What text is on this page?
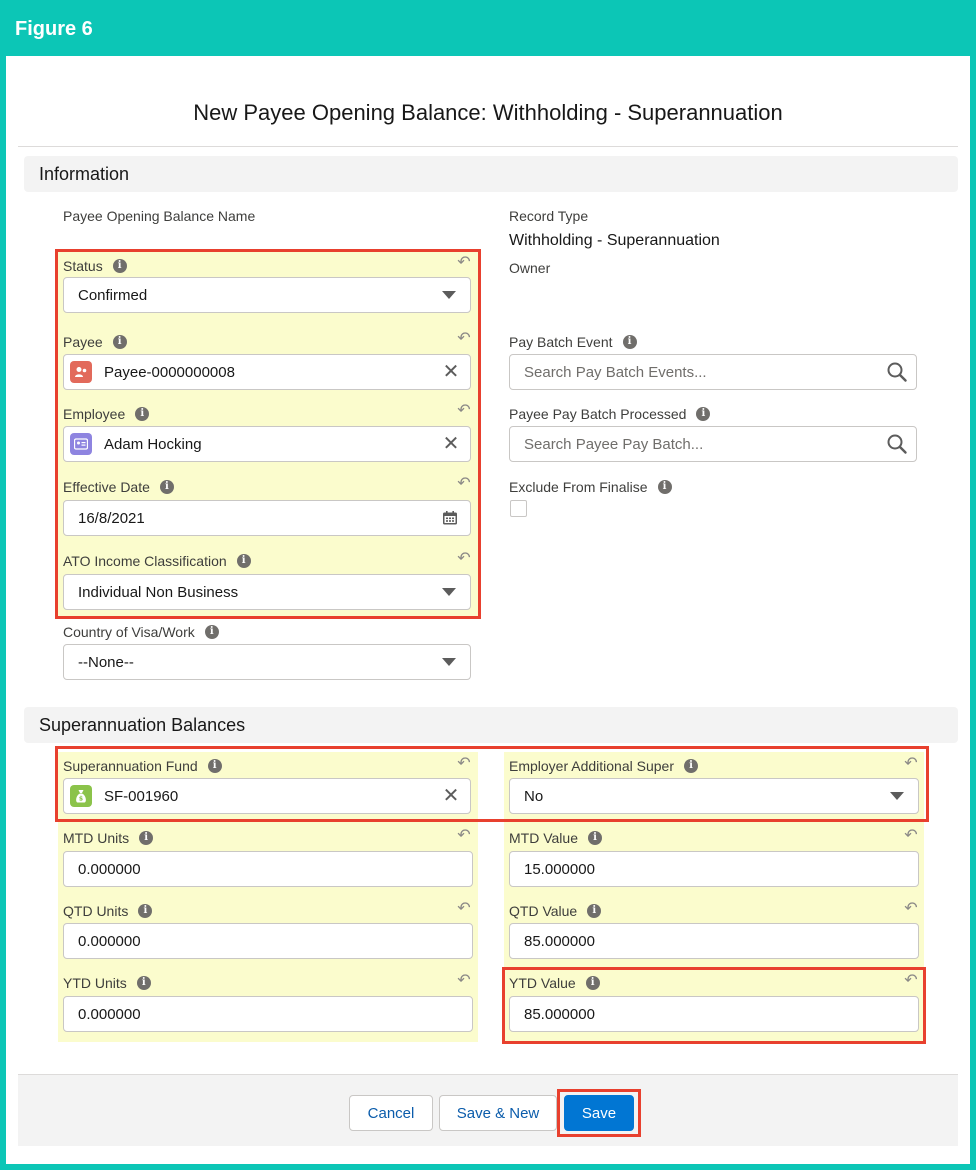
Figure 6
New Payee Opening Balance: Withholding - Superannuation
Information
Payee Opening Balance Name
Status	i	↶
Confirmed
Payee	i	↶
Payee-0000000008	✕
Employee	i	↶
Adam Hocking	✕
Effective Date	i	↶
16/8/2021
ATO Income Classification	i	↶
Individual Non Business
Country of Visa/Work	i
--None--
Record Type
Withholding - Superannuation
Owner
Pay Batch Event	i
Search Pay Batch Events...
Payee Pay Batch Processed	i
Search Payee Pay Batch...
Exclude From Finalise	i
Superannuation Balances
Superannuation Fund	i	↶
$	SF-001960	✕
Employer Additional Super	i	↶
No
MTD Units	i	↶
0.000000
MTD Value	i	↶
15.000000
QTD Units	i	↶
0.000000
QTD Value	i	↶
85.000000
YTD Units	i	↶
0.000000
YTD Value	i	↶
85.000000
Cancel	Save & New	Save
